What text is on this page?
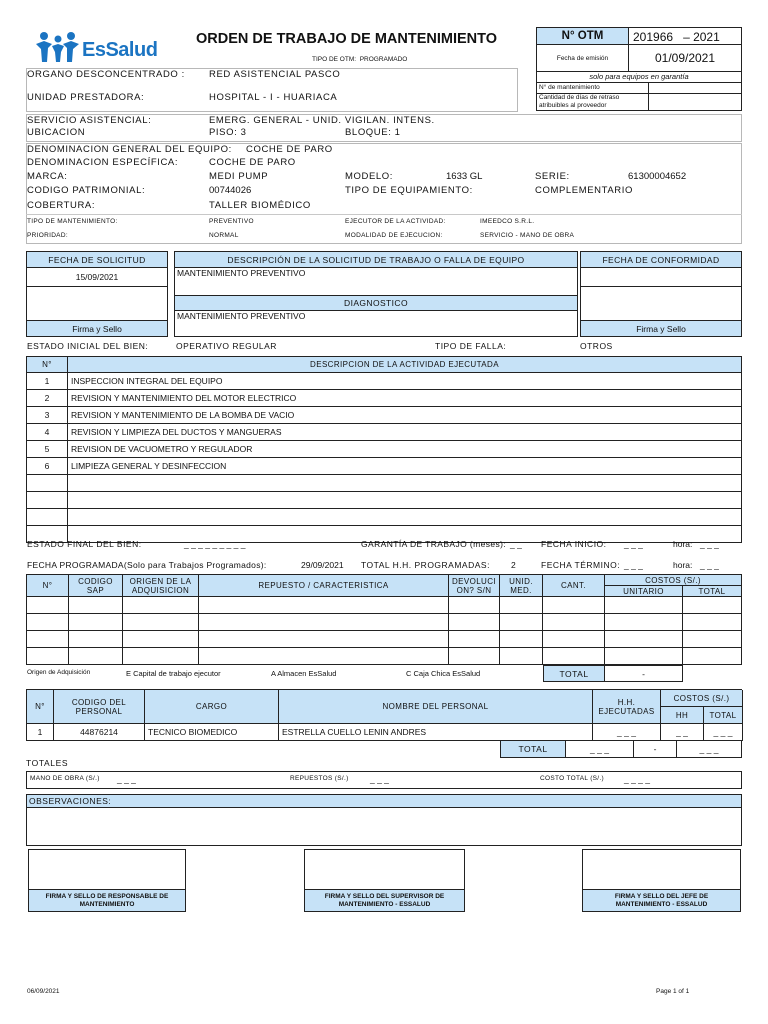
EsSalud	ORDEN DE TRABAJO DE MANTENIMIENTO
TIPO DE OTM: PROGRAMADO
N° OTM	201966 – 2021
Fecha de emisión	01/09/2021
solo para equipos en garantía
N° de mantenimiento
Cantidad de días de retraso atribuibles al proveedor
ORGANO DESCONCENTRADO :	RED ASISTENCIAL PASCO
UNIDAD PRESTADORA:	HOSPITAL - I - HUARIACA
SERVICIO ASISTENCIAL:	EMERG. GENERAL - UNID. VIGILAN. INTENS.
UBICACION	PISO: 3	BLOQUE: 1
DENOMINACION GENERAL DEL EQUIPO: COCHE DE PARO
DENOMINACION ESPECÍFICA:	COCHE DE PARO
MARCA:	MEDI PUMP	MODELO:	1633 GL	SERIE:	61300004652
CODIGO PATRIMONIAL:	00744026	TIPO DE EQUIPAMIENTO:	COMPLEMENTARIO
COBERTURA:	TALLER BIOMÉDICO
TIPO DE MANTENIMIENTO:	PREVENTIVO	EJECUTOR DE LA ACTIVIDAD:	IMEEDCO S.R.L.
PRIORIDAD:	NORMAL	MODALIDAD DE EJECUCION:	SERVICIO - MANO DE OBRA
FECHA DE SOLICITUD
15/09/2021
Firma y Sello
DESCRIPCIÓN DE LA SOLICITUD DE TRABAJO O FALLA DE EQUIPO
MANTENIMIENTO PREVENTIVO
DIAGNOSTICO
MANTENIMIENTO PREVENTIVO
FECHA DE CONFORMIDAD
Firma y Sello
ESTADO INICIAL DEL BIEN:	OPERATIVO REGULAR	TIPO DE FALLA:	OTROS
N°	DESCRIPCION DE LA ACTIVIDAD EJECUTADA
1	INSPECCION INTEGRAL DEL EQUIPO
2	REVISION Y MANTENIMIENTO DEL MOTOR ELECTRICO
3	REVISION Y MANTENIMIENTO DE LA BOMBA DE VACIO
4	REVISION Y LIMPIEZA DEL DUCTOS Y MANGUERAS
5	REVISION DE VACUOMETRO Y REGULADOR
6	LIMPIEZA GENERAL Y DESINFECCION
ESTADO FINAL DEL BIEN:	_ _ _ _ _ _ _ _ _	GARANTÍA DE TRABAJO (meses): _ _ FECHA INICIO: _ _ _	hora: _ _ _
FECHA PROGRAMADA(Solo para Trabajos Programados):	29/09/2021 TOTAL H.H. PROGRAMADAS: 2	FECHA TÉRMINO: _ _ _	hora: _ _ _
N°	CODIGO SAP
ORIGEN DE LA ADQUISICION	REPUESTO / CARACTERISTICA	DEVOLUCI ON? S/N
UNID. MED.	CANT.
COSTOS (S/.)
UNITARIO	TOTAL
Origen de Adquisición	E Capital de trabajo ejecutor	A Almacen EsSalud	C Caja Chica EsSalud	TOTAL	-
N°	CODIGO DEL PERSONAL	CARGO	NOMBRE DEL PERSONAL	H.H. EJECUTADAS
COSTOS (S/.)
HH	TOTAL
1	44876214	TECNICO BIOMEDICO	ESTRELLA CUELLO LENIN ANDRES	_ _ _	_ _	_ _ _
TOTAL	_ _ _	-	_ _ _
TOTALES
MANO DE OBRA (S/.) _ _ _	REPUESTOS (S/.)	_ _ _	COSTO TOTAL (S/.) _ _ _ _
OBSERVACIONES:
FIRMA Y SELLO DE RESPONSABLE DE MANTENIMIENTO
FIRMA Y SELLO DEL SUPERVISOR DE MANTENIMIENTO - ESSALUD
FIRMA Y SELLO DEL JEFE DE MANTENIMIENTO - ESSALUD
06/09/2021	Page 1 of 1
